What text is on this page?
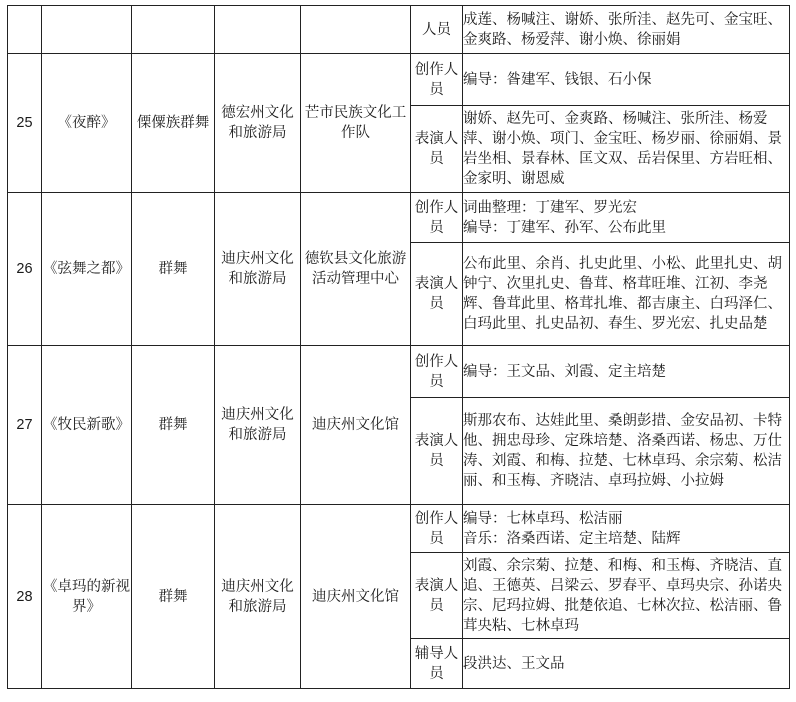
					人员	成莲、杨喊注、谢娇、张所洼、赵先可、金宝旺、金爽路、杨爱萍、谢小焕、徐丽娟

25	《夜醉》	傈僳族群舞	德宏州文化和旅游局	芒市民族文化工作队	创作人员	编导：昝建军、钱银、石小保

					表演人员	谢娇、赵先可、金爽路、杨喊注、张所洼、杨爱萍、谢小焕、项门、金宝旺、杨岁丽、徐丽娟、景岩坐相、景春林、匡文双、岳岩保里、方岩旺相、金家明、谢恩威

26	《弦舞之都》	群舞	迪庆州文化和旅游局	德钦县文化旅游活动管理中心	创作人员	词曲整理：丁建军、罗光宏
编导：丁建军、孙军、公布此里

					表演人员	公布此里、余肖、扎史此里、小松、此里扎史、胡钟宁、次里扎史、鲁茸、格茸旺堆、江初、李尧辉、鲁茸此里、格茸扎堆、都吉康主、白玛泽仁、白玛此里、扎史品初、春生、罗光宏、扎史品楚

27	《牧民新歌》	群舞	迪庆州文化和旅游局	迪庆州文化馆	创作人员	编导：王文品、刘霞、定主培楚

					表演人员	斯那农布、达娃此里、桑朗彭措、金安品初、卡特他、拥忠母珍、定珠培楚、洛桑西诺、杨忠、万仕涛、刘霞、和梅、拉楚、七林卓玛、余宗菊、松洁丽、和玉梅、齐晓洁、卓玛拉姆、小拉姆

28	《卓玛的新视界》	群舞	迪庆州文化和旅游局	迪庆州文化馆	创作人员	编导：七林卓玛、松洁丽
音乐：洛桑西诺、定主培楚、陆辉

					表演人员	刘霞、余宗菊、拉楚、和梅、和玉梅、齐晓洁、直追、王德英、吕梁云、罗春平、卓玛央宗、孙诺央宗、尼玛拉姆、批楚依追、七林次拉、松洁丽、鲁茸央粘、七林卓玛

					辅导人员	段洪达、王文品
